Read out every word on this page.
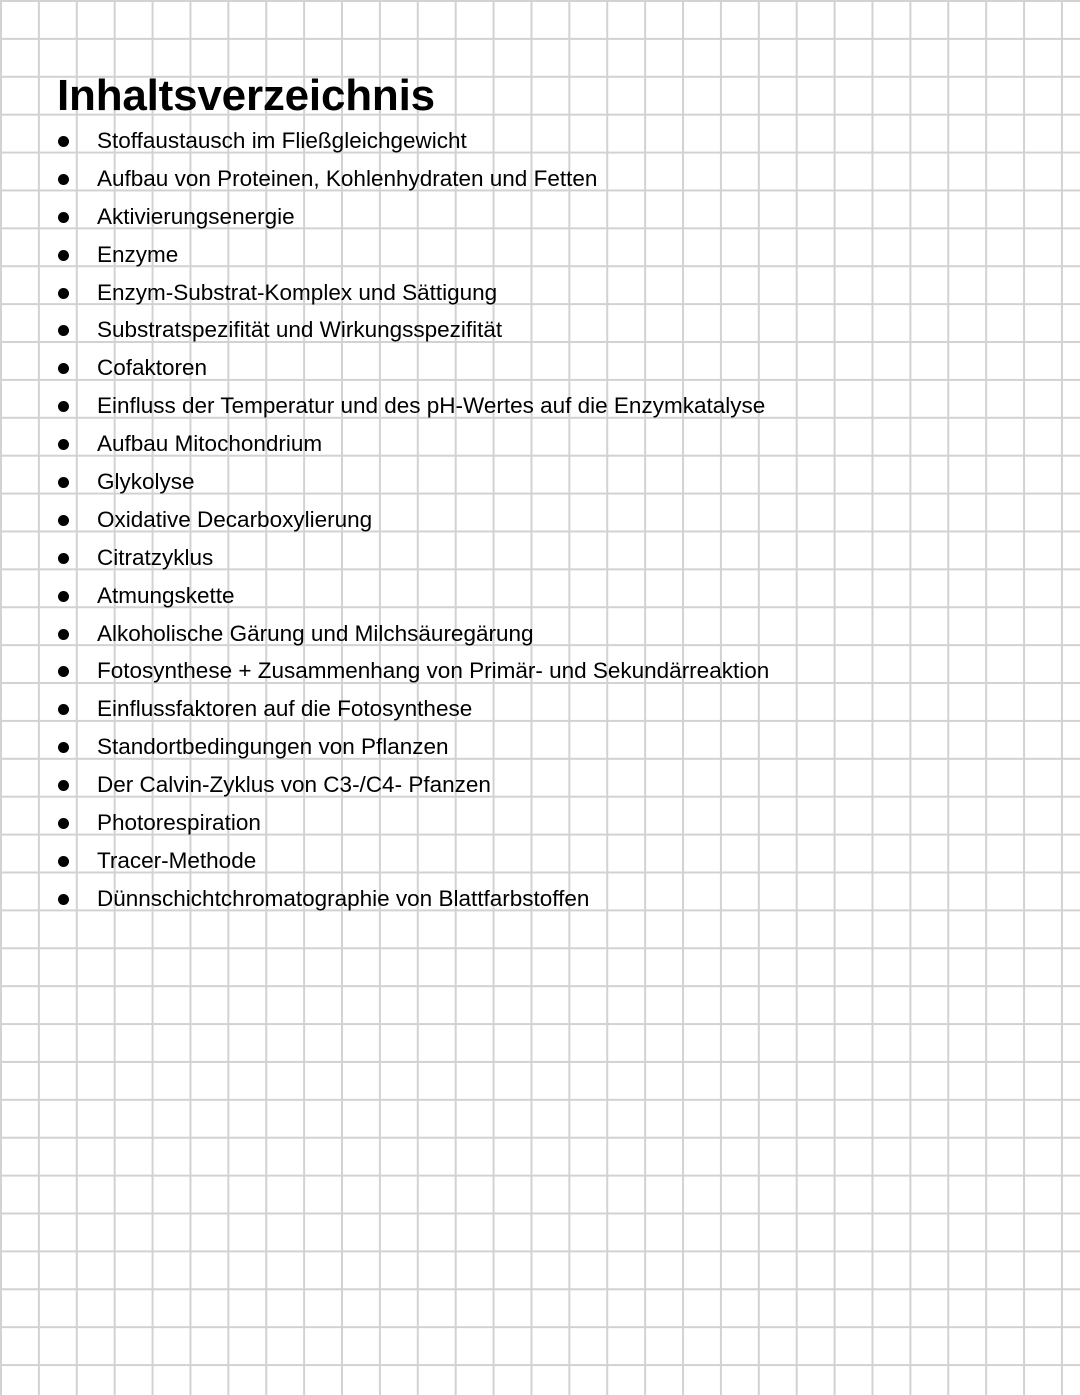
Inhaltsverzeichnis
Stoffaustausch im Fließgleichgewicht
Aufbau von Proteinen, Kohlenhydraten und Fetten
Aktivierungsenergie
Enzyme
Enzym-Substrat-Komplex und Sättigung
Substratspezifität und Wirkungsspezifität
Cofaktoren
Einfluss der Temperatur und des pH-Wertes auf die Enzymkatalyse
Aufbau Mitochondrium
Glykolyse
Oxidative Decarboxylierung
Citratzyklus
Atmungskette
Alkoholische Gärung und Milchsäuregärung
Fotosynthese + Zusammenhang von Primär- und Sekundärreaktion
Einflussfaktoren auf die Fotosynthese
Standortbedingungen von Pflanzen
Der Calvin-Zyklus von C3-/C4- Pfanzen
Photorespiration
Tracer-Methode
Dünnschichtchromatographie von Blattfarbstoffen
